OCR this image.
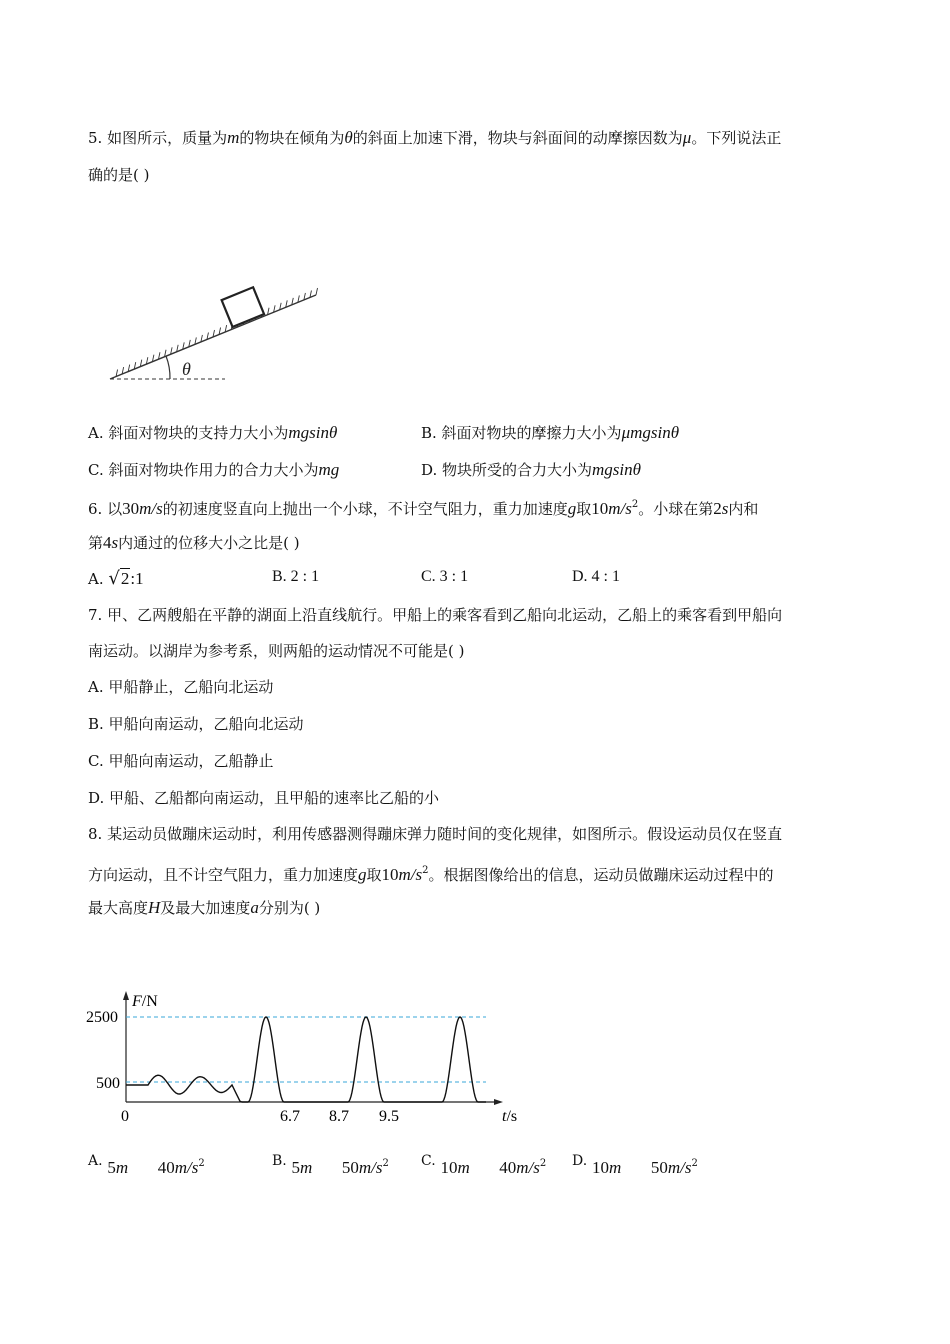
5. 如图所示，质量为m的物块在倾角为θ的斜面上加速下滑，物块与斜面间的动摩擦因数为μ。下列说法正
确的是( )
θ
A. 斜面对物块的支持力大小为mgsinθ	B. 斜面对物块的摩擦力大小为μmgsinθ
C. 斜面对物块作用力的合力大小为mg	D. 物块所受的合力大小为mgsinθ
6. 以30m/s的初速度竖直向上抛出一个小球，不计空气阻力，重力加速度g取$10m/s^2$。小球在第2s内和
第4s内通过的位移大小之比是( )
A. √2:1	B. 2 : 1	C. 3 : 1	D. 4 : 1
7. 甲、乙两艘船在平静的湖面上沿直线航行。甲船上的乘客看到乙船向北运动，乙船上的乘客看到甲船向
南运动。以湖岸为参考系，则两船的运动情况不可能是( )
A. 甲船静止，乙船向北运动
B. 甲船向南运动，乙船向北运动
C. 甲船向南运动，乙船静止
D. 甲船、乙船都向南运动，且甲船的速率比乙船的小
8. 某运动员做蹦床运动时，利用传感器测得蹦床弹力随时间的变化规律，如图所示。假设运动员仅在竖直
方向运动，且不计空气阻力，重力加速度g取$10m/s^2$。根据图像给出的信息，运动员做蹦床运动过程中的
最大高度H及最大加速度a分别为( )
F/N
2500
500
0	6.7 8.7 9.5	t/s
A. 5m $40m/s^2$	B. 5m $50m/s^2$ C. 10m $40m/s^2$ D. 10m $50m/s^2$
